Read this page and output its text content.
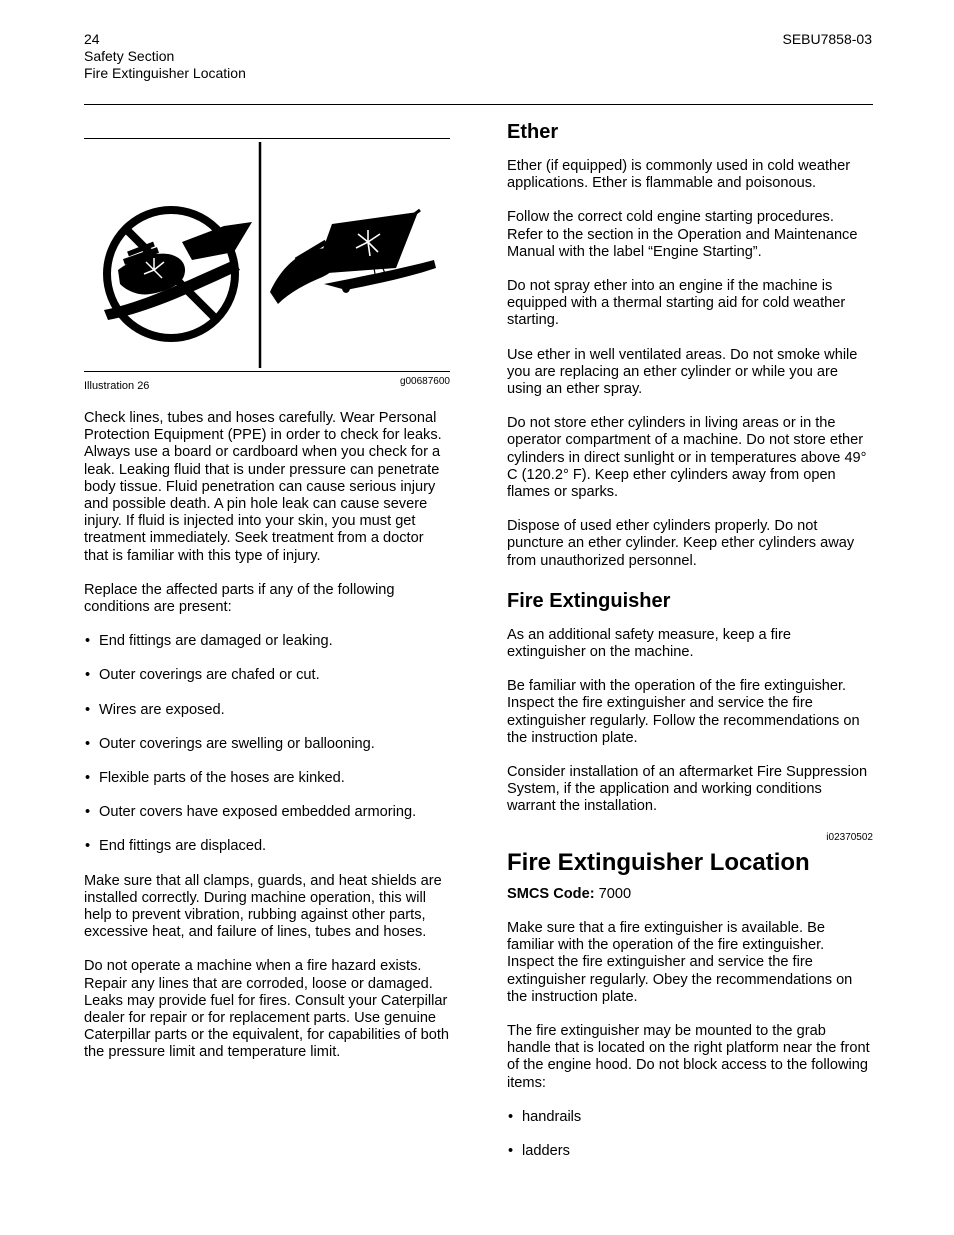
24
Safety Section
Fire Extinguisher Location
SEBU7858-03
Illustration 26	g00687600

Check lines, tubes and hoses carefully. Wear Personal Protection Equipment (PPE) in order to check for leaks. Always use a board or cardboard when you check for a leak. Leaking fluid that is under pressure can penetrate body tissue. Fluid penetration can cause serious injury and possible death. A pin hole leak can cause severe injury. If fluid is injected into your skin, you must get treatment immediately. Seek treatment from a doctor that is familiar with this type of injury.

Replace the affected parts if any of the following conditions are present:

• End fittings are damaged or leaking.
• Outer coverings are chafed or cut.
• Wires are exposed.
• Outer coverings are swelling or ballooning.
• Flexible parts of the hoses are kinked.
• Outer covers have exposed embedded armoring.
• End fittings are displaced.

Make sure that all clamps, guards, and heat shields are installed correctly. During machine operation, this will help to prevent vibration, rubbing against other parts, excessive heat, and failure of lines, tubes and hoses.

Do not operate a machine when a fire hazard exists. Repair any lines that are corroded, loose or damaged. Leaks may provide fuel for fires. Consult your Caterpillar dealer for repair or for replacement parts. Use genuine Caterpillar parts or the equivalent, for capabilities of both the pressure limit and temperature limit.

Ether

Ether (if equipped) is commonly used in cold weather applications. Ether is flammable and poisonous.

Follow the correct cold engine starting procedures. Refer to the section in the Operation and Maintenance Manual with the label “Engine Starting”.

Do not spray ether into an engine if the machine is equipped with a thermal starting aid for cold weather starting.

Use ether in well ventilated areas. Do not smoke while you are replacing an ether cylinder or while you are using an ether spray.

Do not store ether cylinders in living areas or in the operator compartment of a machine. Do not store ether cylinders in direct sunlight or in temperatures above 49° C (120.2° F). Keep ether cylinders away from open flames or sparks.

Dispose of used ether cylinders properly. Do not puncture an ether cylinder. Keep ether cylinders away from unauthorized personnel.

Fire Extinguisher

As an additional safety measure, keep a fire extinguisher on the machine.

Be familiar with the operation of the fire extinguisher. Inspect the fire extinguisher and service the fire extinguisher regularly. Follow the recommendations on the instruction plate.

Consider installation of an aftermarket Fire Suppression System, if the application and working conditions warrant the installation.

i02370502
Fire Extinguisher Location

SMCS Code: 7000

Make sure that a fire extinguisher is available. Be familiar with the operation of the fire extinguisher. Inspect the fire extinguisher and service the fire extinguisher regularly. Obey the recommendations on the instruction plate.

The fire extinguisher may be mounted to the grab handle that is located on the right platform near the front of the engine hood. Do not block access to the following items:

• handrails
• ladders
